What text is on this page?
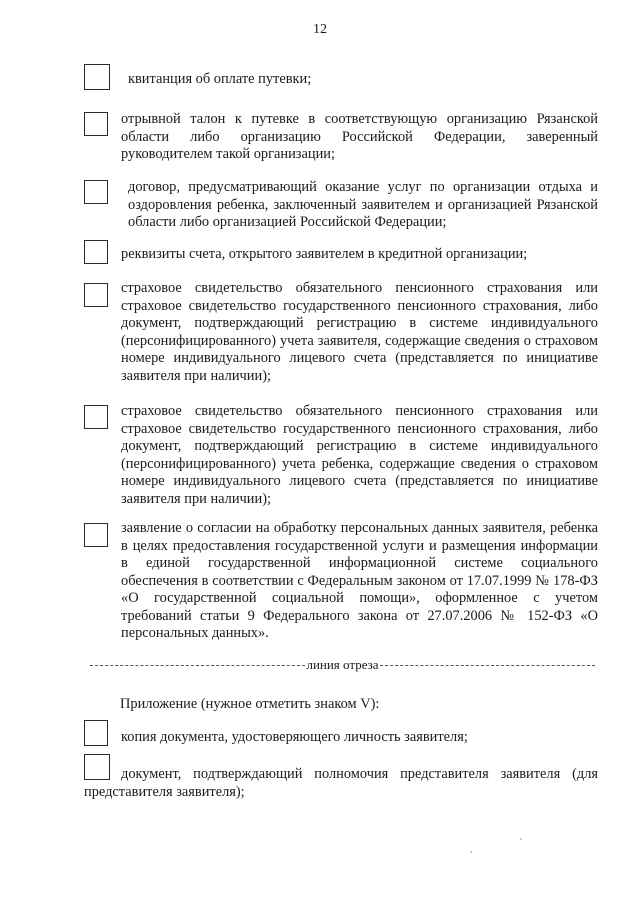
12
квитанция об оплате путевки;
отрывной талон к путевке в соответствующую организацию Рязанской области либо организацию Российской Федерации, заверенный руководителем такой организации;
договор, предусматривающий оказание услуг по организации отдыха и оздоровления ребенка, заключенный заявителем и организацией Рязанской области либо организацией Российской Федерации;
реквизиты счета, открытого заявителем в кредитной организации;
страховое свидетельство обязательного пенсионного страхования или страховое свидетельство государственного пенсионного страхования, либо документ, подтверждающий регистрацию в системе индивидуального (персонифицированного) учета заявителя, содержащие сведения о страховом номере индивидуального лицевого счета (представляется по инициативе заявителя при наличии);
страховое свидетельство обязательного пенсионного страхования или страховое свидетельство государственного пенсионного страхования, либо документ, подтверждающий регистрацию в системе индивидуального (персонифицированного) учета ребенка, содержащие сведения о страховом номере индивидуального лицевого счета (представляется по инициативе заявителя при наличии);
заявление о согласии на обработку персональных данных заявителя, ребенка в целях предоставления государственной услуги и размещения информации в единой государственной информационной системе социального обеспечения в соответствии с Федеральным законом от 17.07.1999 № 178-ФЗ «О государственной социальной помощи», оформленное с учетом требований статьи 9 Федерального закона от 27.07.2006 № 152-ФЗ «О персональных данных».
линия отреза
Приложение (нужное отметить знаком V):
копия документа, удостоверяющего личность заявителя;
документ, подтверждающий полномочия представителя заявителя (для представителя заявителя);
